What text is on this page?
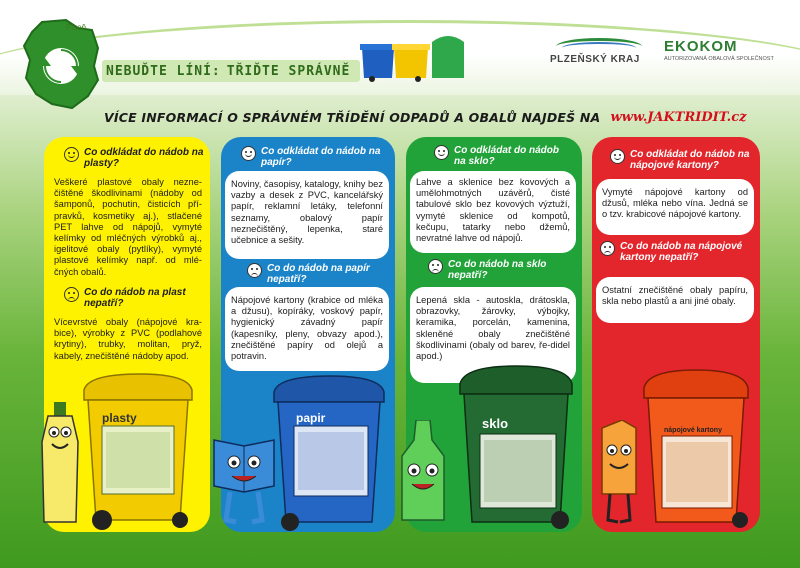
Plzeň
NEBUĎTE LÍNÍ: TŘIĎTE SPRÁVNĚ
PLZEŇSKÝ KRAJ
EKOKOM
AUTORIZOVANÁ OBALOVÁ SPOLEČNOST
VÍCE INFORMACÍ O SPRÁVNÉM TŘÍDĚNÍ ODPADŮ A OBALŮ NAJDEŠ NA www.JAKTRIDIT.cz
Co odkládat do nádob na plasty?
Veškeré plastové obaly nezne-čištěné škodlivinami (nádoby od šamponů, pochutin, čisticích pří-pravků, kosmetiky aj.), stlačené PET lahve od nápojů, vymyté kelímky od mléčných výrobků aj., igelitové obaly (pytlíky), vymyté plastové kelímky např. od mlé-čných obalů.
Co do nádob na plast nepatří?
Vícevrstvé obaly (nápojové kra-bice), výrobky z PVC (podlahové krytiny), trubky, molitan, pryž, kabely, znečištěné nádoby apod.
Co odkládat do nádob na papír?
Noviny, časopisy, katalogy, knihy bez vazby a desek z PVC, kancelářský papír, reklamní letáky, telefonní seznamy, obalový papír neznečištěný, lepenka, staré učebnice a sešity.
Co do nádob na papír nepatří?
Nápojové kartony (krabice od mléka a džusu), kopíráky, voskový papír, hygienický závadný papír (kapesníky, pleny, obvazy apod.), znečištěné papíry od olejů a potravin.
Co odkládat do nádob na sklo?
Lahve a sklenice bez kovových a umělohmotných uzávěrů, čisté tabulové sklo bez kovových výztuží, vymyté sklenice od kompotů, kečupu, tatarky nebo džemů, nevratné lahve od nápojů.
Co do nádob na sklo nepatří?
Lepená skla - autoskla, drátoskla, obrazovky, žárovky, výbojky, keramika, porcelán, kamenina, skleněné obaly znečištěné škodlivinami (obaly od barev, ře-didel apod.)
Co odkládat do nádob na nápojové kartony?
Vymyté nápojové kartony od džusů, mléka nebo vína. Jedná se o tzv. krabicové nápojové kartony.
Co do nádob na nápojové kartony nepatří?
Ostatní znečištěné obaly papíru, skla nebo plastů a ani jiné obaly.
plasty	papir	sklo	nápojové kartony
